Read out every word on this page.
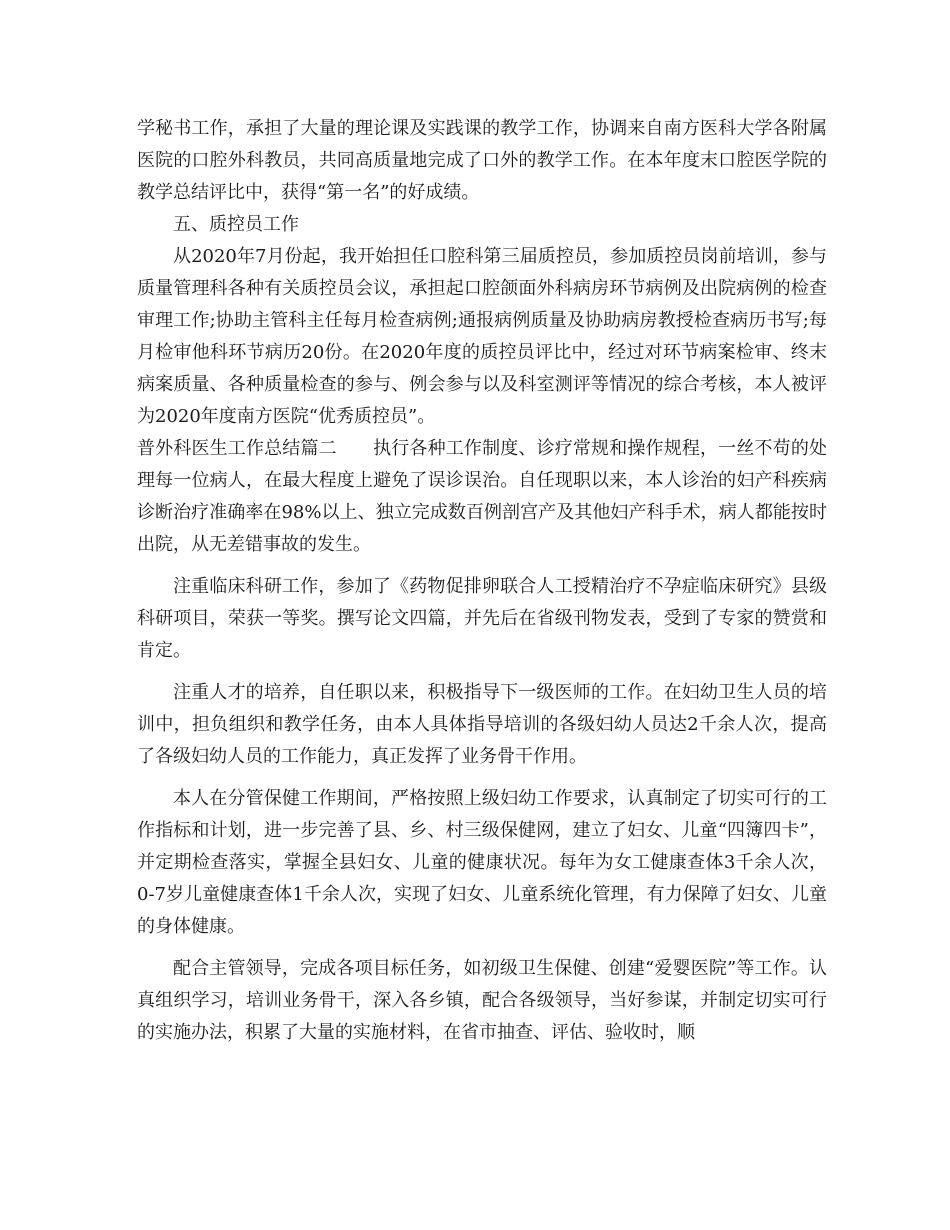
学秘书工作，承担了大量的理论课及实践课的教学工作，协调来自南方医科大学各附属医院的口腔外科教员，共同高质量地完成了口外的教学工作。在本年度末口腔医学院的教学总结评比中，获得“第一名”的好成绩。

五、质控员工作

从2020年7月份起，我开始担任口腔科第三届质控员，参加质控员岗前培训，参与质量管理科各种有关质控员会议，承担起口腔颌面外科病房环节病例及出院病例的检查审理工作;协助主管科主任每月检查病例;通报病例质量及协助病房教授检查病历书写;每月检审他科环节病历20份。在2020年度的质控员评比中，经过对环节病案检审、终末病案质量、各种质量检查的参与、例会参与以及科室测评等情况的综合考核，本人被评为2020年度南方医院“优秀质控员”。

普外科医生工作总结篇二　　执行各种工作制度、诊疗常规和操作规程，一丝不苟的处理每一位病人，在最大程度上避免了误诊误治。自任现职以来，本人诊治的妇产科疾病诊断治疗准确率在98%以上、独立完成数百例剖宫产及其他妇产科手术，病人都能按时出院，从无差错事故的发生。

注重临床科研工作，参加了《药物促排卵联合人工授精治疗不孕症临床研究》县级科研项目，荣获一等奖。撰写论文四篇，并先后在省级刊物发表，受到了专家的赞赏和肯定。

注重人才的培养，自任职以来，积极指导下一级医师的工作。在妇幼卫生人员的培训中，担负组织和教学任务，由本人具体指导培训的各级妇幼人员达2千余人次，提高了各级妇幼人员的工作能力，真正发挥了业务骨干作用。

本人在分管保健工作期间，严格按照上级妇幼工作要求，认真制定了切实可行的工作指标和计划，进一步完善了县、乡、村三级保健网，建立了妇女、儿童“四簿四卡”，并定期检查落实，掌握全县妇女、儿童的健康状况。每年为女工健康查体3千余人次，0-7岁儿童健康查体1千余人次，实现了妇女、儿童系统化管理，有力保障了妇女、儿童的身体健康。

配合主管领导，完成各项目标任务，如初级卫生保健、创建“爱婴医院”等工作。认真组织学习，培训业务骨干，深入各乡镇，配合各级领导，当好参谋，并制定切实可行的实施办法，积累了大量的实施材料，在省市抽查、评估、验收时，顺
